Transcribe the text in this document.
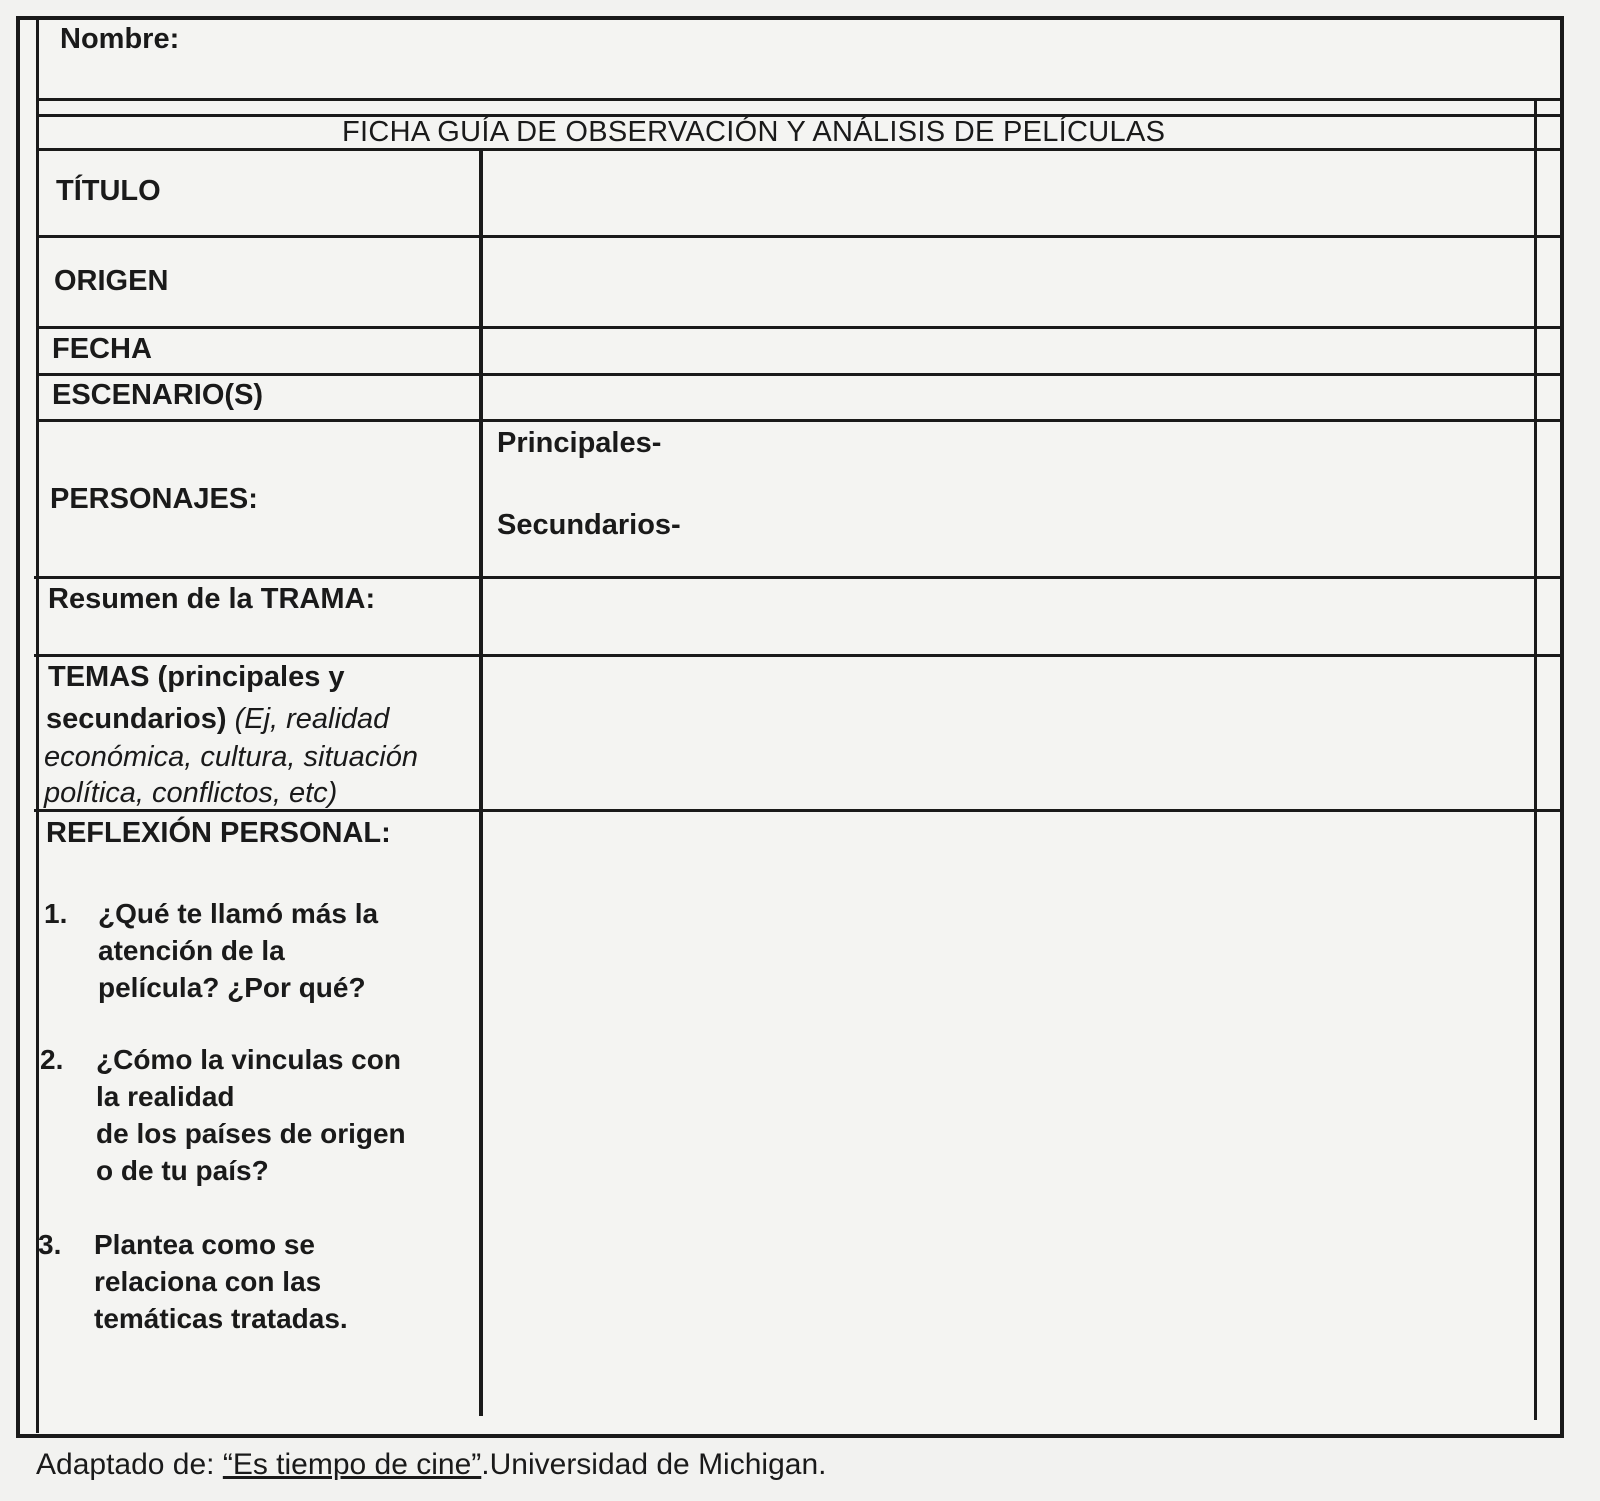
Nombre:
FICHA GUÍA DE OBSERVACIÓN Y ANÁLISIS DE PELÍCULAS
TÍTULO
ORIGEN
FECHA
ESCENARIO(S)
PERSONAJES:
Resumen de la TRAMA:
TEMAS (principales y
secundarios) (Ej, realidad
económica, cultura, situación
política, conflictos, etc)
REFLEXIÓN PERSONAL:
1. ¿Qué te llamó más la
atención de la
película? ¿Por qué?
2. ¿Cómo la vinculas con
la realidad
de los países de origen
o de tu país?
3. Plantea como se
relaciona con las
temáticas tratadas.
Principales-
Secundarios-
Adaptado de: “Es tiempo de cine”.Universidad de Michigan.
